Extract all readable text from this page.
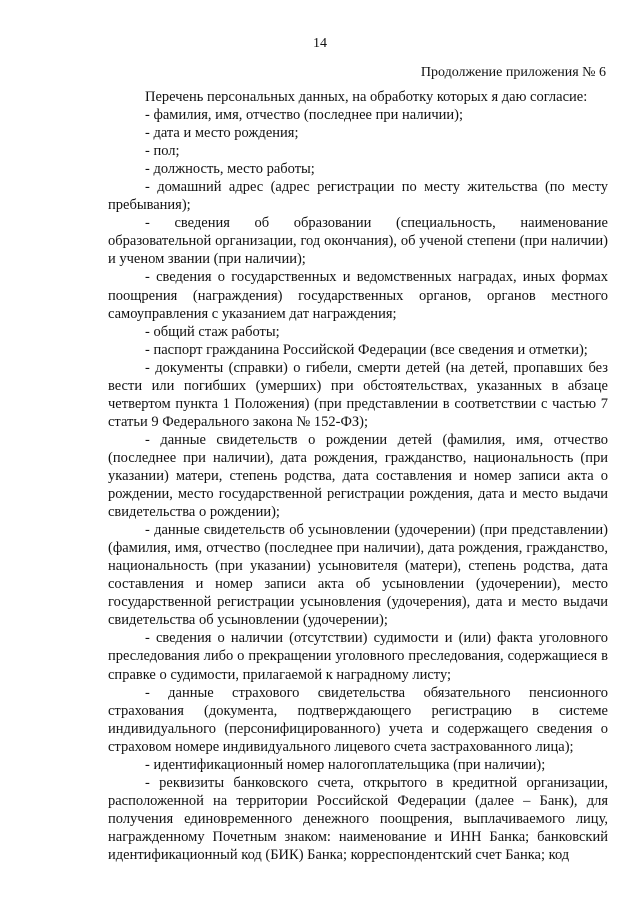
14
Продолжение приложения № 6

Перечень персональных данных, на обработку которых я даю согласие:

- фамилия, имя, отчество (последнее при наличии);

- дата и место рождения;

- пол;

- должность, место работы;

- домашний адрес (адрес регистрации по месту жительства (по месту пребывания);

- сведения об образовании (специальность, наименование образовательной организации, год окончания), об ученой степени (при наличии) и ученом звании (при наличии);

- сведения о государственных и ведомственных наградах, иных формах поощрения (награждения) государственных органов, органов местного самоуправления с указанием дат награждения;

- общий стаж работы;

- паспорт гражданина Российской Федерации (все сведения и отметки);

- документы (справки) о гибели, смерти детей (на детей, пропавших без вести или погибших (умерших) при обстоятельствах, указанных в абзаце четвертом пункта 1 Положения) (при представлении в соответствии с частью 7 статьи 9 Федерального закона № 152-ФЗ);

- данные свидетельств о рождении детей (фамилия, имя, отчество (последнее при наличии), дата рождения, гражданство, национальность (при указании) матери, степень родства, дата составления и номер записи акта о рождении, место государственной регистрации рождения, дата и место выдачи свидетельства о рождении);

- данные свидетельств об усыновлении (удочерении) (при представлении) (фамилия, имя, отчество (последнее при наличии), дата рождения, гражданство, национальность (при указании) усыновителя (матери), степень родства, дата составления и номер записи акта об усыновлении (удочерении), место государственной регистрации усыновления (удочерения), дата и место выдачи свидетельства об усыновлении (удочерении);

- сведения о наличии (отсутствии) судимости и (или) факта уголовного преследования либо о прекращении уголовного преследования, содержащиеся в справке о судимости, прилагаемой к наградному листу;

- данные страхового свидетельства обязательного пенсионного страхования (документа, подтверждающего регистрацию в системе индивидуального (персонифицированного) учета и содержащего сведения о страховом номере индивидуального лицевого счета застрахованного лица);

- идентификационный номер налогоплательщика (при наличии);

- реквизиты банковского счета, открытого в кредитной организации, расположенной на территории Российской Федерации (далее – Банк), для получения единовременного денежного поощрения, выплачиваемого лицу, награжденному Почетным знаком: наименование и ИНН Банка; банковский идентификационный код (БИК) Банка; корреспондентский счет Банка; код
